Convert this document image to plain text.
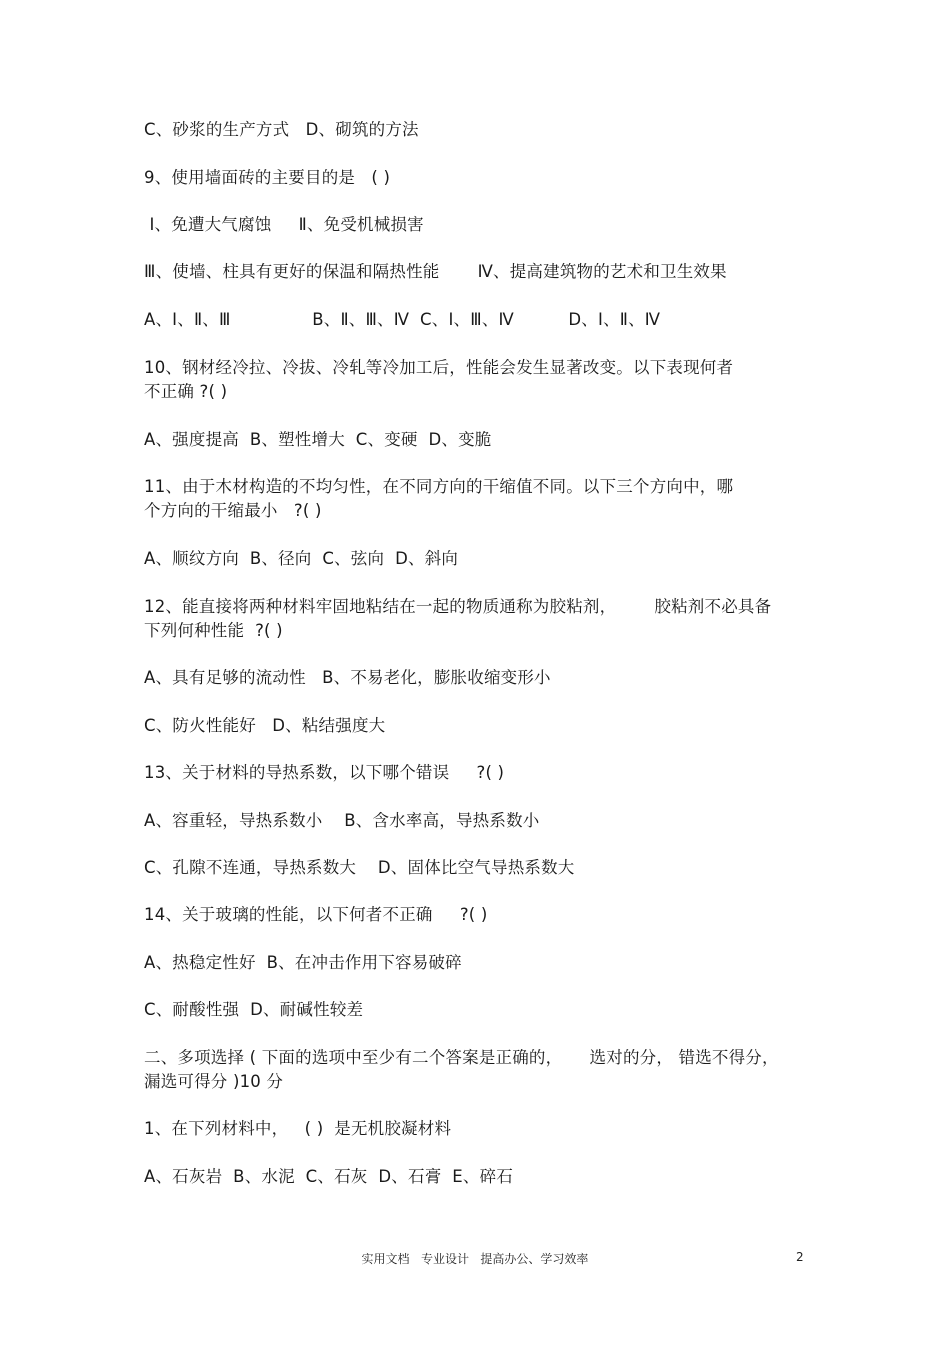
C、砂浆的生产方式   D、砌筑的方法
9、使用墙面砖的主要目的是   ( )
Ⅰ、免遭大气腐蚀     Ⅱ、免受机械损害
Ⅲ、使墙、柱具有更好的保温和隔热性能       Ⅳ、提高建筑物的艺术和卫生效果
A、Ⅰ、Ⅱ、Ⅲ               B、Ⅱ、Ⅲ、Ⅳ  C、Ⅰ、Ⅲ、Ⅳ          D、Ⅰ、Ⅱ、Ⅳ
10、钢材经冷拉、冷拔、冷轧等冷加工后，性能会发生显著改变。以下表现何者
不正确 ?( )
A、强度提高  B、塑性增大  C、变硬  D、变脆
11、由于木材构造的不均匀性，在不同方向的干缩值不同。以下三个方向中，哪
个方向的干缩最小   ?( )
A、顺纹方向  B、径向  C、弦向  D、斜向
12、能直接将两种材料牢固地粘结在一起的物质通称为胶粘剂，       胶粘剂不必具备
下列何种性能  ?( )
A、具有足够的流动性   B、不易老化，膨胀收缩变形小
C、防火性能好   D、粘结强度大
13、关于材料的导热系数，以下哪个错误     ?( )
A、容重轻，导热系数小    B、含水率高，导热系数小
C、孔隙不连通，导热系数大    D、固体比空气导热系数大
14、关于玻璃的性能，以下何者不正确     ?( )
A、热稳定性好  B、在冲击作用下容易破碎
C、耐酸性强  D、耐碱性较差
二、多项选择 ( 下面的选项中至少有二个答案是正确的，     选对的分， 错选不得分，
漏选可得分 )10 分
1、在下列材料中，   ( )  是无机胶凝材料
A、石灰岩  B、水泥  C、石灰  D、石膏  E、碎石
实用文档   专业设计   提高办公、学习效率	2
